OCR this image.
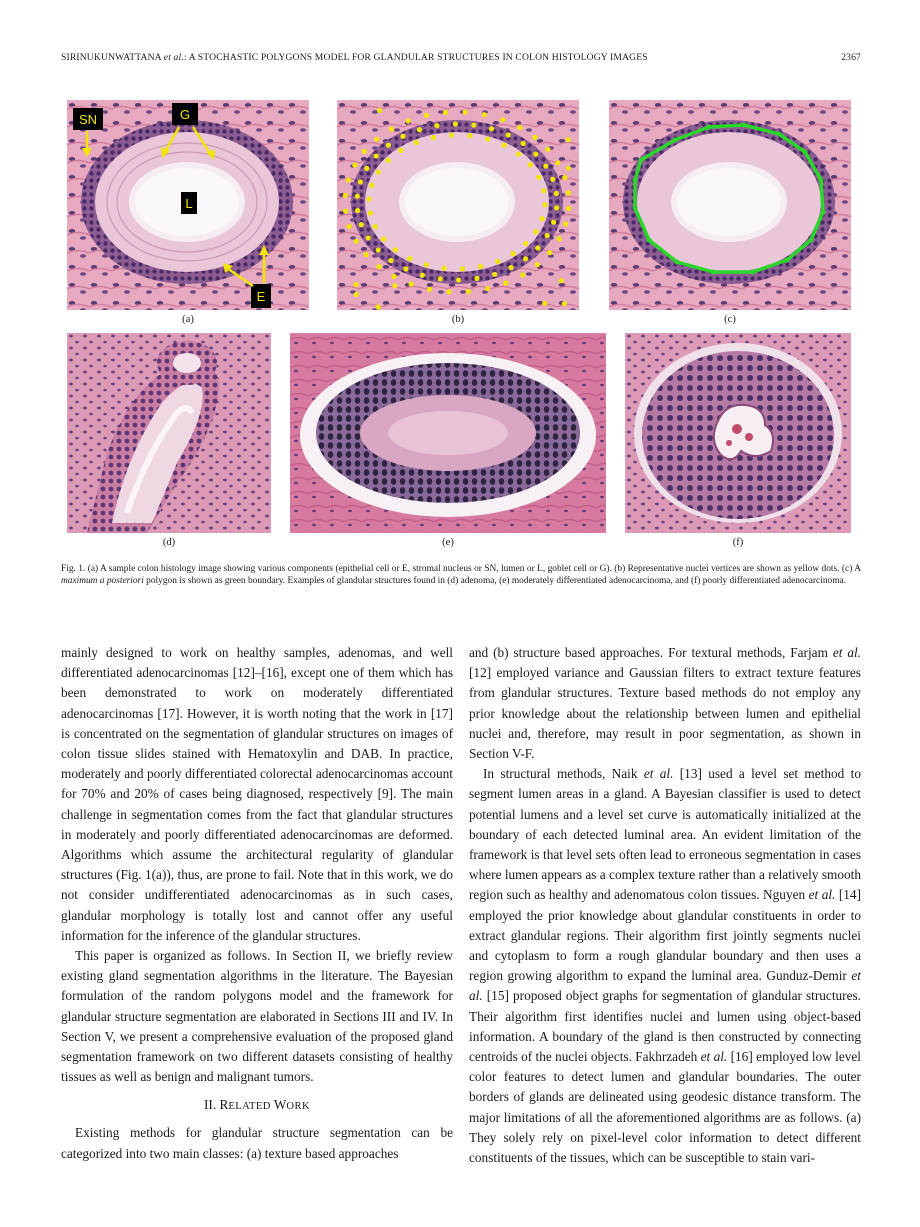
SIRINUKUNWATTANA et al.: A STOCHASTIC POLYGONS MODEL FOR GLANDULAR STRUCTURES IN COLON HISTOLOGY IMAGES	2367
SN	G
L
E
(a)	(b)	(c)
(d)	(e)	(f)
Fig. 1. (a) A sample colon histology image showing various components (epithelial cell or E, stromal nucleus or SN, lumen or L, goblet cell or G). (b) Representative nuclei vertices are shown as yellow dots. (c) A maximum a posteriori polygon is shown as green boundary. Examples of glandular structures found in (d) adenoma, (e) moderately differentiated adenocarcinoma, and (f) poorly differentiated adenocarcinoma.

mainly designed to work on healthy samples, adenomas, and well differentiated adenocarcinomas [12]–[16], except one of them which has been demonstrated to work on moderately differentiated adenocarcinomas [17]. However, it is worth noting that the work in [17] is concentrated on the segmentation of glandular structures on images of colon tissue slides stained with Hematoxylin and DAB. In practice, moderately and poorly differentiated colorectal adenocarcinomas account for 70% and 20% of cases being diagnosed, respectively [9]. The main challenge in segmentation comes from the fact that glandular structures in moderately and poorly differentiated adenocarcinomas are deformed. Algorithms which assume the architectural regularity of glandular structures (Fig. 1(a)), thus, are prone to fail. Note that in this work, we do not consider undifferentiated adenocarcinomas as in such cases, glandular morphology is totally lost and cannot offer any useful information for the inference of the glandular structures.

This paper is organized as follows. In Section II, we briefly review existing gland segmentation algorithms in the literature. The Bayesian formulation of the random polygons model and the framework for glandular structure segmentation are elaborated in Sections III and IV. In Section V, we present a comprehensive evaluation of the proposed gland segmentation framework on two different datasets consisting of healthy tissues as well as benign and malignant tumors.

II. RELATED WORK

Existing methods for glandular structure segmentation can be categorized into two main classes: (a) texture based approaches

and (b) structure based approaches. For textural methods, Farjam et al. [12] employed variance and Gaussian filters to extract texture features from glandular structures. Texture based methods do not employ any prior knowledge about the relationship between lumen and epithelial nuclei and, therefore, may result in poor segmentation, as shown in Section V-F.

In structural methods, Naik et al. [13] used a level set method to segment lumen areas in a gland. A Bayesian classifier is used to detect potential lumens and a level set curve is automatically initialized at the boundary of each detected luminal area. An evident limitation of the framework is that level sets often lead to erroneous segmentation in cases where lumen appears as a complex texture rather than a relatively smooth region such as healthy and adenomatous colon tissues. Nguyen et al. [14] employed the prior knowledge about glandular constituents in order to extract glandular regions. Their algorithm first jointly segments nuclei and cytoplasm to form a rough glandular boundary and then uses a region growing algorithm to expand the luminal area. Gunduz-Demir et al. [15] proposed object graphs for segmentation of glandular structures. Their algorithm first identifies nuclei and lumen using object-based information. A boundary of the gland is then constructed by connecting centroids of the nuclei objects. Fakhrzadeh et al. [16] employed low level color features to detect lumen and glandular boundaries. The outer borders of glands are delineated using geodesic distance transform. The major limitations of all the aforementioned algorithms are as follows. (a) They solely rely on pixel-level color information to detect different constituents of the tissues, which can be susceptible to stain vari-
